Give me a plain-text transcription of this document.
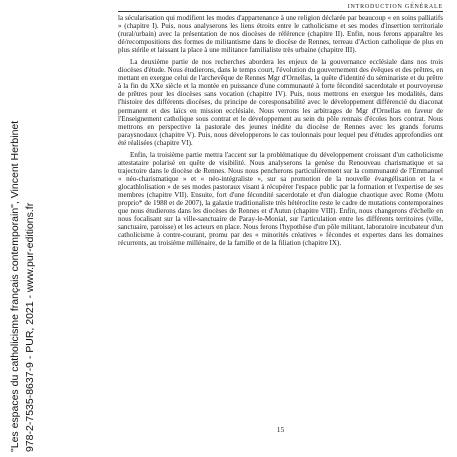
"Les espaces du catholicisme français contemporain", Vincent Herbinet 978-2-7535-8637-9 - PUR, 2021 - www.pur-editions.fr
INTRODUCTION GÉNÉRALE

la sécularisation qui modifient les modes d'appartenance à une religion déclarée par beaucoup « en soins palliatifs » (chapitre I). Puis, nous analyserons les liens étroits entre le catholicisme et ses modes d'insertion territoriale (rural/urbain) avec la présentation de nos diocèses de référence (chapitre II). Enfin, nous ferons apparaître les dé/recompositions des formes de militantisme dans le diocèse de Rennes, terreau d'Action catholique de plus en plus stérile et laissant la place à une militance familialiste très urbaine (chapitre III).

La deuxième partie de nos recherches abordera les enjeux de la gouvernance ecclésiale dans nos trois diocèses d'étude. Nous étudierons, dans le temps court, l'évolution du gouvernement des évêques et des prêtres, en mettant en exergue celui de l'archevêque de Rennes Mgr d'Ornellas, la quête d'identité du séminariste et du prêtre à la fin du XXe siècle et la montée en puissance d'une communauté à forte fécondité sacerdotale et pourvoyeuse de prêtres pour les diocèses sans vocation (chapitre IV). Puis, nous mettrons en exergue les modalités, dans l'histoire des différents diocèses, du principe de coresponsabilité avec le développement différencié du diaconat permanent et des laïcs en mission ecclésiale. Nous verrons les arbitrages de Mgr d'Ornellas en faveur de l'Enseignement catholique sous contrat et le développement au sein du pôle rennais d'écoles hors contrat. Nous mettrons en perspective la pastorale des jeunes inédite du diocèse de Rennes avec les grands forums paraysnodaux (chapitre V). Puis, nous développerons le cas toulonnais pour lequel peu d'études approfondies ont été réalisées (chapitre VI).

Enfin, la troisième partie mettra l'accent sur la problématique du développement croissant d'un catholicisme attestataire polarisé en quête de visibilité. Nous analyserons la genèse du Renouveau charismatique et sa trajectoire dans le diocèse de Rennes. Nous nous pencherons particulièrement sur la communauté de l'Emmanuel « néo-charismatique » et « néo-intégraliste », sur sa promotion de la nouvelle évangélisation et la « glocathlolisation » de ses modes pastoraux visant à récupérer l'espace public par la formation et l'expertise de ses membres (chapitre VII). Ensuite, fort d'une fécondité sacerdotale et d'un dialogue chaotique avec Rome (Motu proprio* de 1988 et de 2007), la galaxie traditionaliste très hétéroclite reste le cadre de mutations contemporaines que nous étudierons dans les diocèses de Rennes et d'Autun (chapitre VIII). Enfin, nous changerons d'échelle en nous focalisant sur la ville-sanctuaire de Paray-le-Monial, sur l'articulation entre les différents territoires (ville, sanctuaire, paroisse) et les acteurs en place. Nous ferons l'hypothèse d'un pôle militant, laboratoire incubateur d'un catholicisme à contre-courant, promu par des « minorités créatives » fécondes et expertes dans les domaines récurrents, au troisième millénaire, de la famille et de la filiation (chapitre IX).

15
